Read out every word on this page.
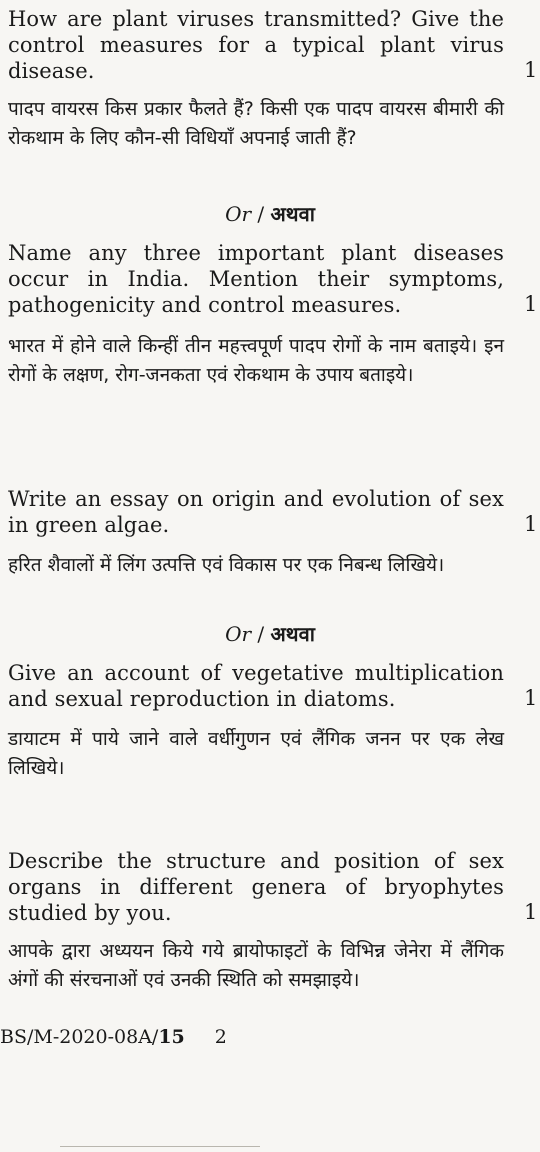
How are plant viruses transmitted? Give the control measures for a typical plant virus disease.	1
पादप वायरस किस प्रकार फैलते हैं? किसी एक पादप वायरस बीमारी की रोकथाम के लिए कौन-सी विधियाँ अपनाई जाती हैं?
Or / अथवा
Name any three important plant diseases occur in India. Mention their symptoms, pathogenicity and control measures.	1
भारत में होने वाले किन्हीं तीन महत्त्वपूर्ण पादप रोगों के नाम बताइये। इन रोगों के लक्षण, रोग-जनकता एवं रोकथाम के उपाय बताइये।
Write an essay on origin and evolution of sex in green algae.	1
हरित शैवालों में लिंग उत्पत्ति एवं विकास पर एक निबन्ध लिखिये।
Or / अथवा
Give an account of vegetative multiplication and sexual reproduction in diatoms.	1
डायाटम में पाये जाने वाले वर्धीगुणन एवं लैंगिक जनन पर एक लेख लिखिये।
Describe the structure and position of sex organs in different genera of bryophytes studied by you.	1
आपके द्वारा अध्ययन किये गये ब्रायोफाइटों के विभिन्न जेनेरा में लैंगिक अंगों की संरचनाओं एवं उनकी स्थिति को समझाइये।
BS/M-2020-08A/15 2
